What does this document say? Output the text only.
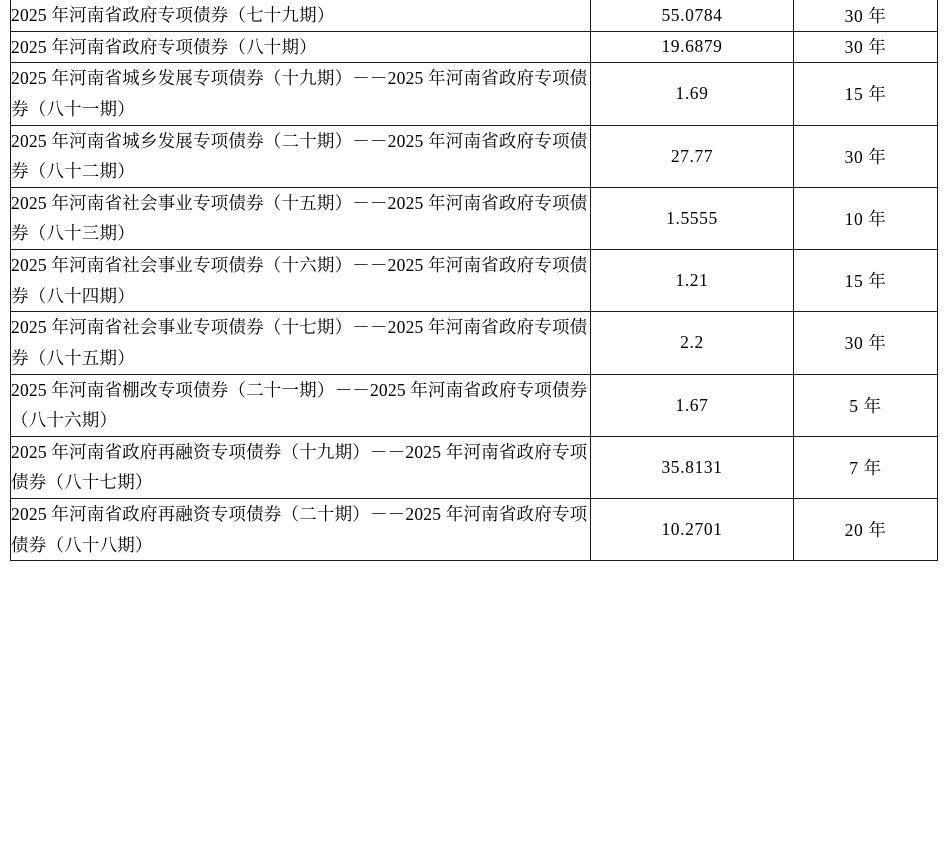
2025 年河南省政府专项债券（七十九期）	55.0784	30 年
2025 年河南省政府专项债券（八十期）	19.6879	30 年
2025 年河南省城乡发展专项债券（十九期）－－2025 年河南省政府专项债券（八十一期）	1.69	15 年
2025 年河南省城乡发展专项债券（二十期）－－2025 年河南省政府专项债券（八十二期）	27.77	30 年
2025 年河南省社会事业专项债券（十五期）－－2025 年河南省政府专项债券（八十三期）	1.5555	10 年
2025 年河南省社会事业专项债券（十六期）－－2025 年河南省政府专项债券（八十四期）	1.21	15 年
2025 年河南省社会事业专项债券（十七期）－－2025 年河南省政府专项债券（八十五期）	2.2	30 年
2025 年河南省棚改专项债券（二十一期）－－2025 年河南省政府专项债券（八十六期）	1.67	5 年
2025 年河南省政府再融资专项债券（十九期）－－2025 年河南省政府专项债券（八十七期）	35.8131	7 年
2025 年河南省政府再融资专项债券（二十期）－－2025 年河南省政府专项债券（八十八期）	10.2701	20 年
